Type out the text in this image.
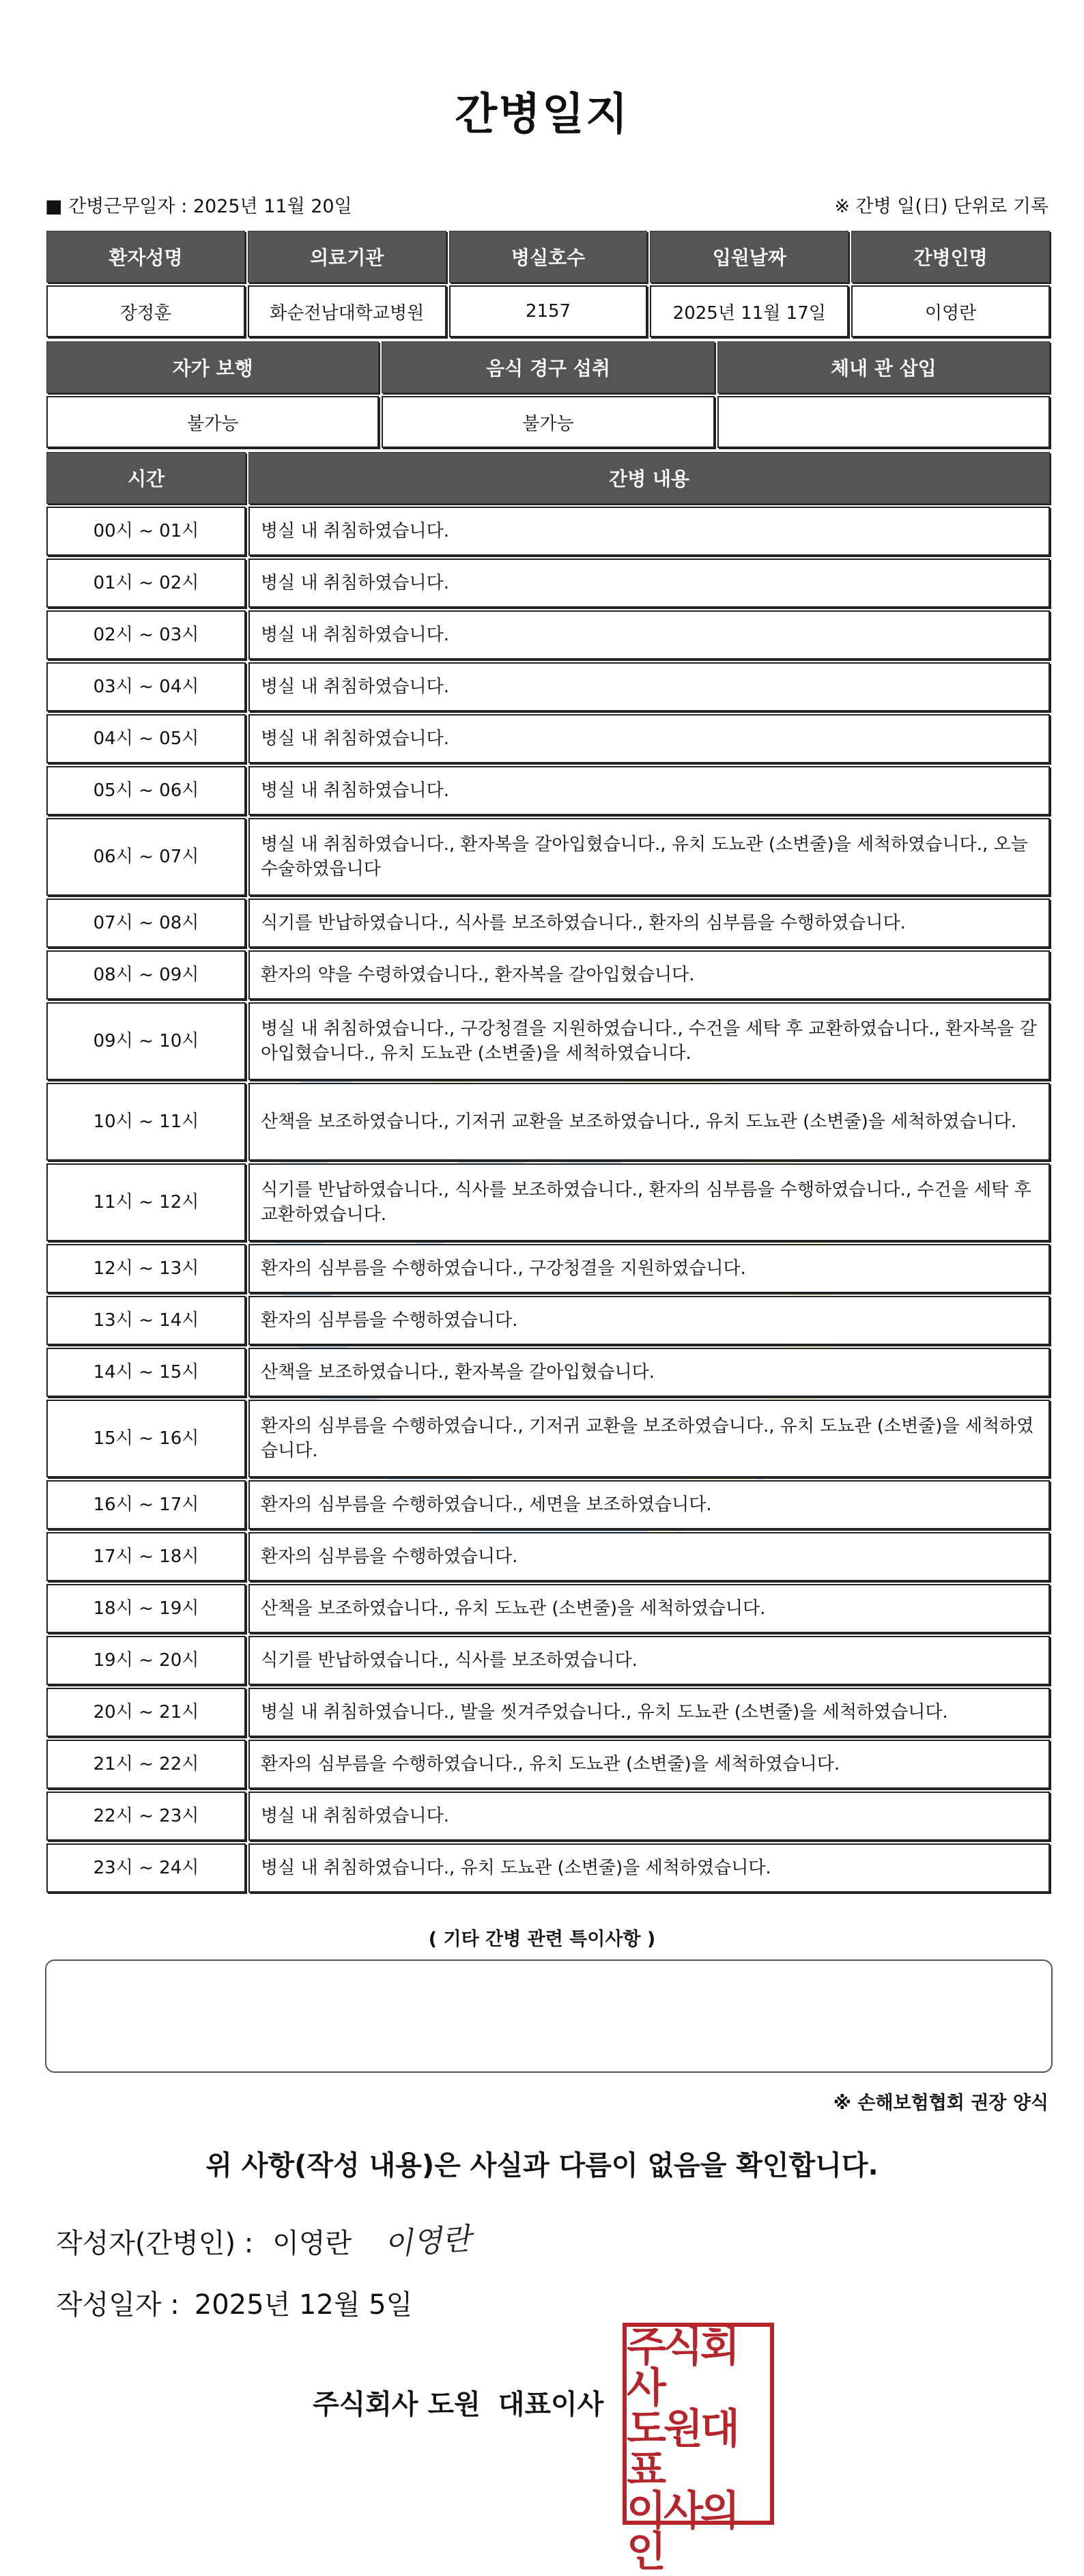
간병일지
■ 간병근무일자 : 2025년 11월 20일	※ 간병 일(日) 단위로 기록
환자성명	의료기관	병실호수	입원날짜	간병인명
장정훈	화순전남대학교병원	2157	2025년 11월 17일	이영란
자가 보행	음식 경구 섭취	체내 관 삽입
불가능	불가능	
시간	간병 내용
00시 ~ 01시	병실 내 취침하였습니다.
01시 ~ 02시	병실 내 취침하였습니다.
02시 ~ 03시	병실 내 취침하였습니다.
03시 ~ 04시	병실 내 취침하였습니다.
04시 ~ 05시	병실 내 취침하였습니다.
05시 ~ 06시	병실 내 취침하였습니다.
06시 ~ 07시	병실 내 취침하였습니다., 환자복을 갈아입혔습니다., 유치 도뇨관 (소변줄)을 세척하였습니다., 오늘수술하였읍니다
07시 ~ 08시	식기를 반납하였습니다., 식사를 보조하였습니다., 환자의 심부름을 수행하였습니다.
08시 ~ 09시	환자의 약을 수령하였습니다., 환자복을 갈아입혔습니다.
09시 ~ 10시	병실 내 취침하였습니다., 구강청결을 지원하였습니다., 수건을 세탁 후 교환하였습니다., 환자복을 갈아입혔습니다., 유치 도뇨관 (소변줄)을 세척하였습니다.
10시 ~ 11시	산책을 보조하였습니다., 기저귀 교환을 보조하였습니다., 유치 도뇨관 (소변줄)을 세척하였습니다.
11시 ~ 12시	식기를 반납하였습니다., 식사를 보조하였습니다., 환자의 심부름을 수행하였습니다., 수건을 세탁 후 교환하였습니다.
12시 ~ 13시	환자의 심부름을 수행하였습니다., 구강청결을 지원하였습니다.
13시 ~ 14시	환자의 심부름을 수행하였습니다.
14시 ~ 15시	산책을 보조하였습니다., 환자복을 갈아입혔습니다.
15시 ~ 16시	환자의 심부름을 수행하였습니다., 기저귀 교환을 보조하였습니다., 유치 도뇨관 (소변줄)을 세척하였습니다.
16시 ~ 17시	환자의 심부름을 수행하였습니다., 세면을 보조하였습니다.
17시 ~ 18시	환자의 심부름을 수행하였습니다.
18시 ~ 19시	산책을 보조하였습니다., 유치 도뇨관 (소변줄)을 세척하였습니다.
19시 ~ 20시	식기를 반납하였습니다., 식사를 보조하였습니다.
20시 ~ 21시	병실 내 취침하였습니다., 발을 씻겨주었습니다., 유치 도뇨관 (소변줄)을 세척하였습니다.
21시 ~ 22시	환자의 심부름을 수행하였습니다., 유치 도뇨관 (소변줄)을 세척하였습니다.
22시 ~ 23시	병실 내 취침하였습니다.
23시 ~ 24시	병실 내 취침하였습니다., 유치 도뇨관 (소변줄)을 세척하였습니다.
( 기타 간병 관련 특이사항 )
※ 손해보험협회 권장 양식
위 사항(작성 내용)은 사실과 다름이 없음을 확인합니다.
작성자(간병인) : 이영란 이영란
작성일자 : 2025년 12월 5일
주식회사 도원 대표이사
주식회사
도원대표
이사의인
